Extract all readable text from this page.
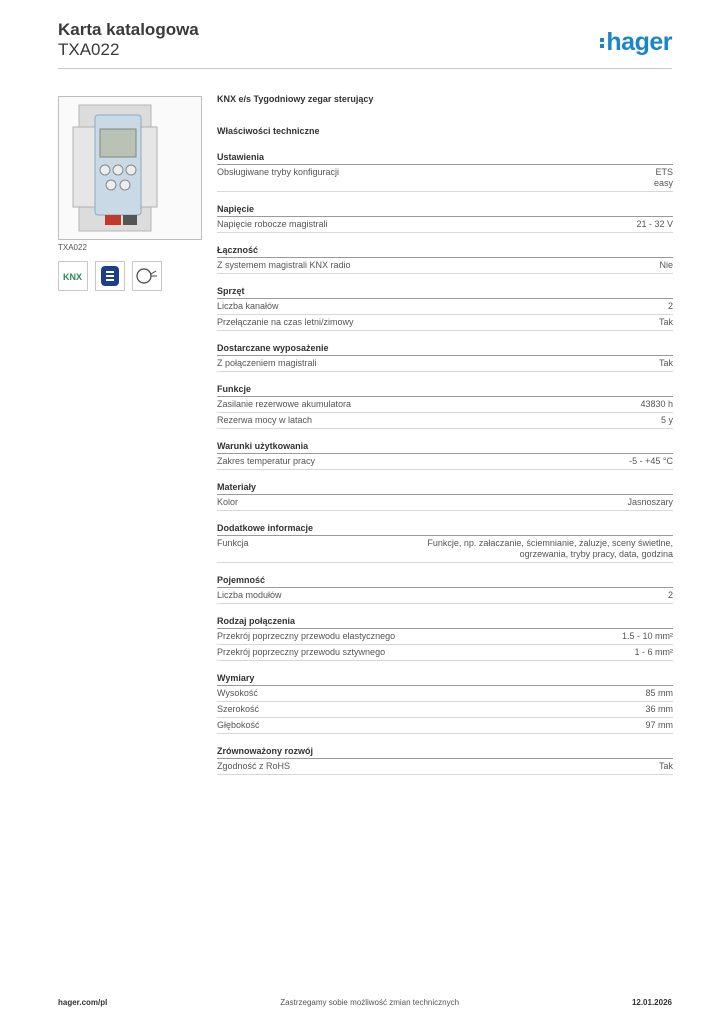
Karta katalogowa
TXA022	hager
TXA022
KNX
KNX e/s Tygodniowy zegar sterujący
Właściwości techniczne
Ustawienia
Obsługiwane tryby konfiguracji	ETS
easy
Napięcie
Napięcie robocze magistrali	21 - 32 V
Łączność
Z systemem magistrali KNX radio	Nie
Sprzęt
Liczba kanałów	2
Przełączanie na czas letni/zimowy	Tak
Dostarczane wyposażenie
Z połączeniem magistrali	Tak
Funkcje
Zasilanie rezerwowe akumulatora	43830 h
Rezerwa mocy w latach	5 y
Warunki użytkowania
Zakres temperatur pracy	-5 - +45 °C
Materiały
Kolor	Jasnoszary
Dodatkowe informacje
Funkcja	Funkcje, np. załaczanie, ściemnianie, żaluzje, sceny świetlne,
ogrzewania, tryby pracy, data, godzina
Pojemność
Liczba modułów	2
Rodzaj połączenia
Przekrój poprzeczny przewodu elastycznego	1.5 - 10 mm²
Przekrój poprzeczny przewodu sztywnego	1 - 6 mm²
Wymiary
Wysokość	85 mm
Szerokość	36 mm
Głębokość	97 mm
Zrównoważony rozwój
Zgodność z RoHS	Tak
hager.com/pl	Zastrzegamy sobie możliwość zmian technicznych	12.01.2026
